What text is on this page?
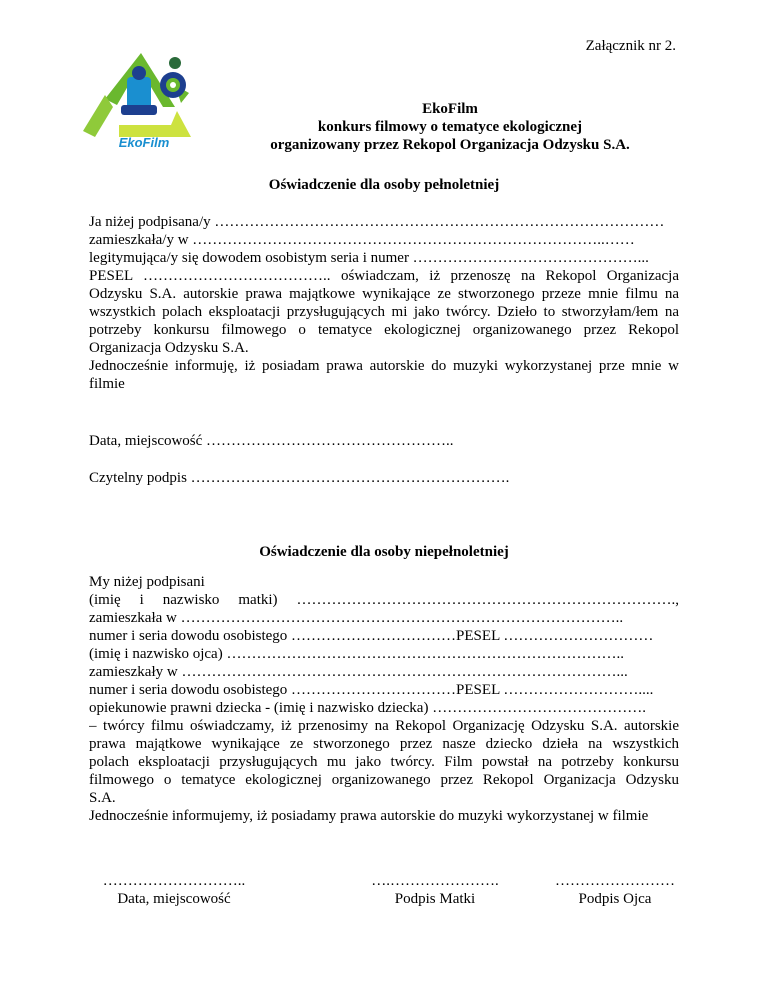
Załącznik nr 2.
EkoFilm
EkoFilm
konkurs filmowy o tematyce ekologicznej
organizowany przez Rekopol Organizacja Odzysku S.A.
Oświadczenie dla osoby pełnoletniej
Ja niżej podpisana/y ………………………………………………………………………………
zamieszkała/y w ………………………………………………………………………..……
legitymująca/y się dowodem osobistym seria i numer ………………………………………...
PESEL ……………………………….. oświadczam, iż przenoszę na Rekopol Organizacja
Odzysku S.A. autorskie prawa majątkowe wynikające ze stworzonego przeze mnie filmu na
wszystkich polach eksploatacji przysługujących mi jako twórcy. Dzieło to stworzyłam/łem na
potrzeby konkursu filmowego o tematyce ekologicznej organizowanego przez Rekopol
Organizacja Odzysku S.A.
Jednocześnie informuję, iż posiadam prawa autorskie do muzyki wykorzystanej prze mnie w
filmie
Data, miejscowość …………………………………………..
Czytelny podpis ……………………………………………………….
Oświadczenie dla osoby niepełnoletniej
My niżej podpisani
(imię i nazwisko matki) ………………………………………………………………….,
zamieszkała w ……………………………………………………………………………..
numer i seria dowodu osobistego ……………………………PESEL …………………………
(imię i nazwisko ojca) ……………………………………………………………………..
zamieszkały w ……………………………………………………………………………...
numer i seria dowodu osobistego ……………………………PESEL ………………………....
opiekunowie prawni dziecka - (imię i nazwisko dziecka) …………………………………….
– twórcy filmu oświadczamy, iż przenosimy na Rekopol Organizację Odzysku S.A. autorskie
prawa majątkowe wynikające ze stworzonego przez nasze dziecko dzieła na wszystkich
polach eksploatacji przysługujących mu jako twórcy. Film powstał na potrzeby konkursu
filmowego o tematyce ekologicznej organizowanego przez Rekopol Organizacja Odzysku
S.A.
Jednocześnie informujemy, iż posiadamy prawa autorskie do muzyki wykorzystanej w filmie
………………………..
Data, miejscowość
….………………….
Podpis Matki
……………………
Podpis Ojca
